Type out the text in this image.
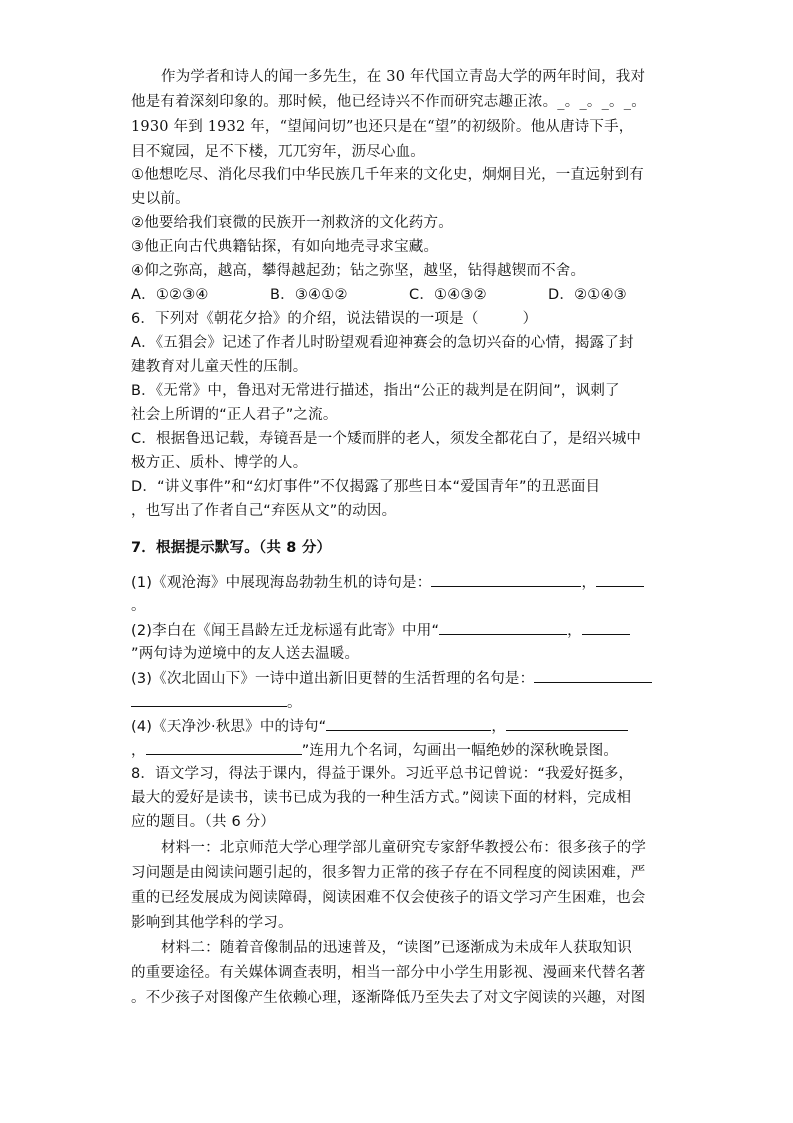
作为学者和诗人的闻一多先生，在 30 年代国立青岛大学的两年时间，我对
他是有着深刻印象的。那时候，他已经诗兴不作而研究志趣正浓。_。_。_。_。
1930 年到 1932 年，“望闻问切”也还只是在“望”的初级阶。他从唐诗下手，
目不窥园，足不下楼，兀兀穷年，沥尽心血。
①他想吃尽、消化尽我们中华民族几千年来的文化史，炯炯目光，一直远射到有
史以前。
②他要给我们衰微的民族开一剂救济的文化药方。
③他正向古代典籍钻探，有如向地壳寻求宝藏。
④仰之弥高，越高，攀得越起劲；钻之弥坚，越坚，钻得越锲而不舍。
A．①②③④	B．③④①②	C．①④③②	D．②①④③
6．下列对《朝花夕拾》的介绍，说法错误的一项是（　　　）
A．《五猖会》记述了作者儿时盼望观看迎神赛会的急切兴奋的心情，揭露了封
建教育对儿童天性的压制。
B．《无常》中，鲁迅对无常进行描述，指出“公正的裁判是在阴间”，讽刺了
社会上所谓的“正人君子”之流。
C．根据鲁迅记载，寿镜吾是一个矮而胖的老人，须发全都花白了，是绍兴城中
极方正、质朴、博学的人。
D．“讲义事件”和“幻灯事件”不仅揭露了那些日本“爱国青年”的丑恶面目
，也写出了作者自己“弃医从文”的动因。
7．根据提示默写。（共 8 分）
(1)《观沧海》中展现海岛勃勃生机的诗句是：	，
。
(2)李白在《闻王昌龄左迁龙标遥有此寄》中用“	，
”两句诗为逆境中的友人送去温暖。
(3)《次北固山下》一诗中道出新旧更替的生活哲理的名句是：
。
(4)《天净沙·秋思》中的诗句“	，
，	”连用九个名词，勾画出一幅绝妙的深秋晚景图。
8．语文学习，得法于课内，得益于课外。习近平总书记曾说：“我爱好挺多，
最大的爱好是读书，读书已成为我的一种生活方式。”阅读下面的材料，完成相
应的题目。（共 6 分）
材料一：北京师范大学心理学部儿童研究专家舒华教授公布：很多孩子的学
习问题是由阅读问题引起的，很多智力正常的孩子存在不同程度的阅读困难，严
重的已经发展成为阅读障碍，阅读困难不仅会使孩子的语文学习产生困难，也会
影响到其他学科的学习。
材料二：随着音像制品的迅速普及，“读图”已逐渐成为未成年人获取知识
的重要途径。有关媒体调查表明，相当一部分中小学生用影视、漫画来代替名著
。不少孩子对图像产生依赖心理，逐渐降低乃至失去了对文字阅读的兴趣，对图
